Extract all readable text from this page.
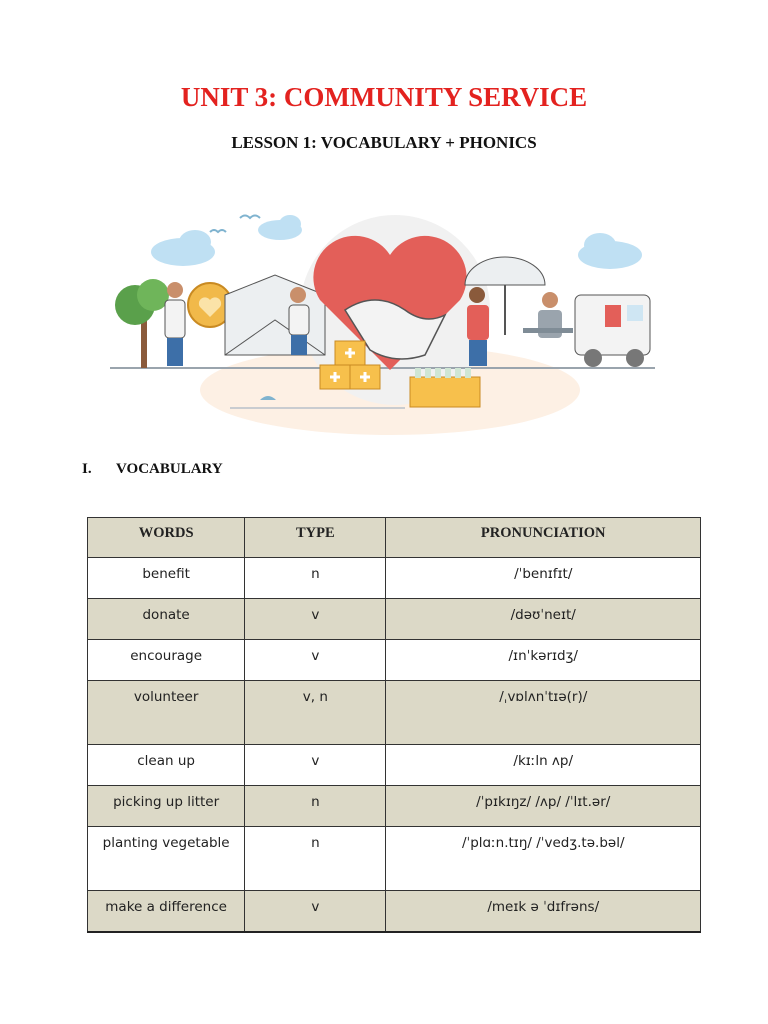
UNIT 3: COMMUNITY SERVICE
LESSON 1: VOCABULARY + PHONICS
I. VOCABULARY
WORDS	TYPE	PRONUNCIATION
benefit	n	/ˈbenɪfɪt/
donate	v	/dəʊˈneɪt/
encourage	v	/ɪnˈkərɪdʒ/
volunteer	v, n	/ˌvɒlʌnˈtɪə(r)/
clean up	v	/kɪːln ʌp/
picking up litter	n	/ˈpɪkɪŋz/ /ʌp/ /ˈlɪt.ər/
planting vegetable	n	/ˈplɑːn.tɪŋ/ /ˈvedʒ.tə.bəl/
make a difference	v	/meɪk ə ˈdɪfrəns/
